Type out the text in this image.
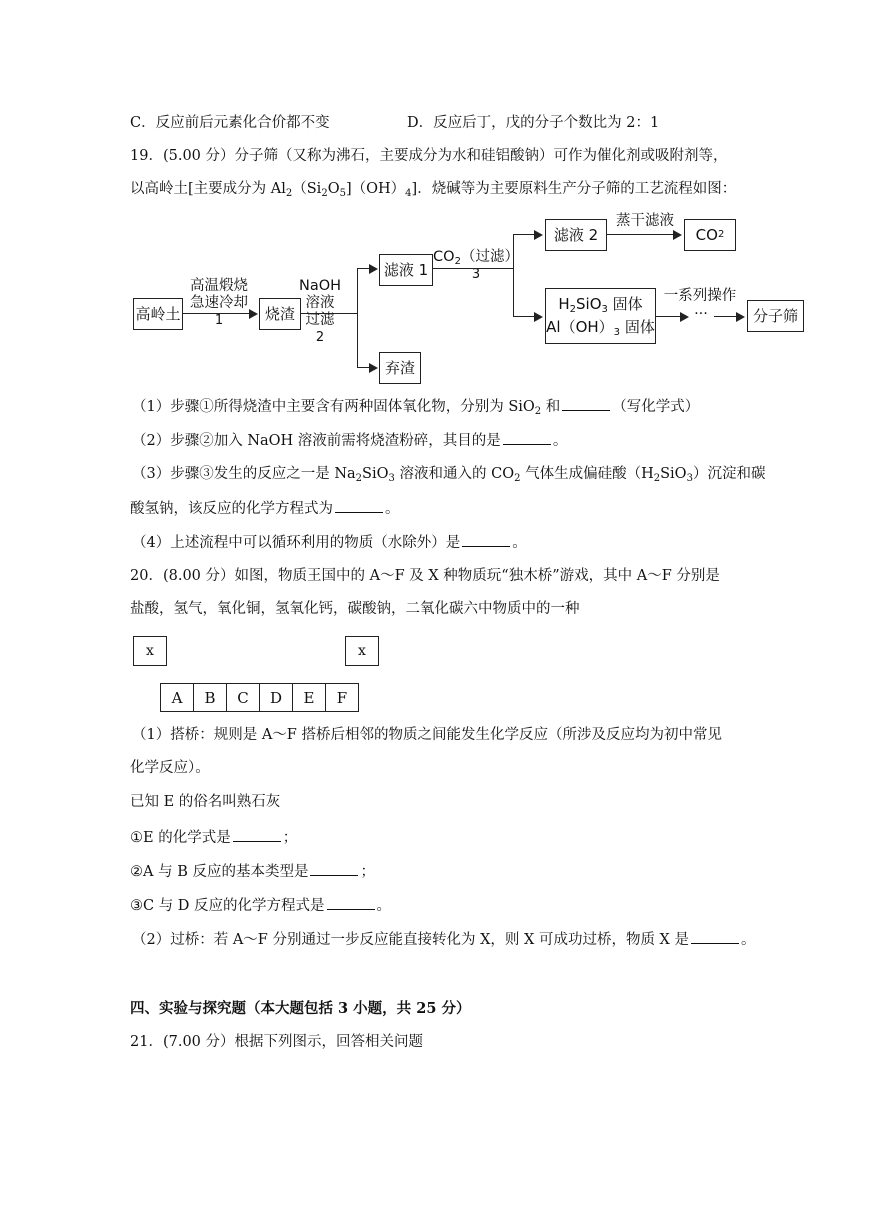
C．反应前后元素化合价都不变	D．反应后丁，戊的分子个数比为 2：1
19．(5.00 分）分子筛（又称为沸石，主要成分为水和硅铝酸钠）可作为催化剂或吸附剂等，
以高岭土[主要成分为 $Al_2(Si_2O_5](OH)_4$]．烧碱等为主要原料生产分子筛的工艺流程如图：
高岭土
高温煅烧
急速冷却
1	烧渣
NaOH
溶液
过滤
2
滤液 1
弃渣
$CO_2$（过滤）
3
滤液 2
蒸干滤液
CO 2
$H_2SiO_3$ 固体
$Al(OH)_3$ 固体
一系列操作
···	分子筛
（1）步骤①所得烧渣中主要含有两种固体氧化物，分别为 SiO$_2$ 和	（写化学式）
（2）步骤②加入 NaOH 溶液前需将烧渣粉碎，其目的是	。
（3）步骤③发生的反应之一是 $Na_2SiO_3$ 溶液和通入的 $CO_2$ 气体生成偏硅酸$(H_2SiO_3)$沉淀和碳
酸氢钠，该反应的化学方程式为	。
（4）上述流程中可以循环利用的物质（水除外）是	。
20．(8.00 分）如图，物质王国中的 A～F 及 X 种物质玩“独木桥”游戏，其中 A～F 分别是
盐酸，氢气，氧化铜，氢氧化钙，碳酸钠，二氧化碳六中物质中的一种
x	x
A	B	C	D	E	F
（1）搭桥：规则是 A～F 搭桥后相邻的物质之间能发生化学反应（所涉及反应均为初中常见
化学反应）。
已知 E 的俗名叫熟石灰
①E 的化学式是	；
②A 与 B 反应的基本类型是	；
③C 与 D 反应的化学方程式是	。
（2）过桥：若 A～F 分别通过一步反应能直接转化为 X，则 X 可成功过桥，物质 X 是	。
四、实验与探究题（本大题包括 3 小题，共 25 分）
21．(7.00 分）根据下列图示，回答相关问题
